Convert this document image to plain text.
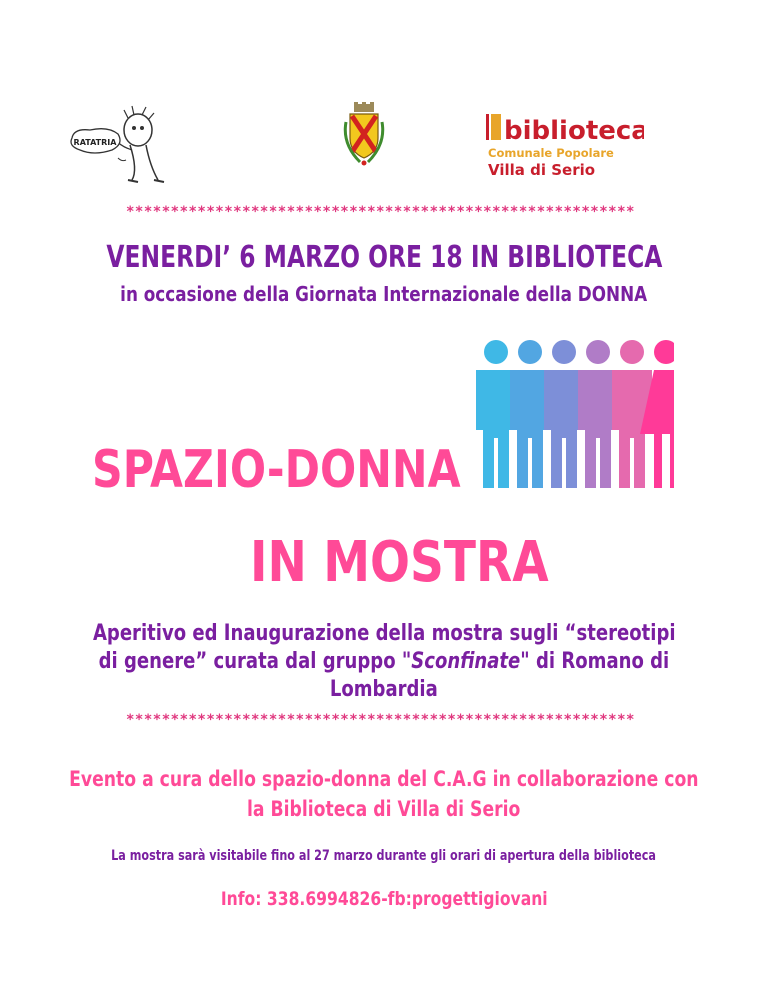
RATATRIA	biblioteca
Comunale Popolare
Villa di Serio
*********************************************************
VENERDI’ 6 MARZO ORE 18 IN BIBLIOTECA
in occasione della Giornata Internazionale della DONNA
SPAZIO-DONNA
IN MOSTRA
Aperitivo ed Inaugurazione della mostra sugli “stereotipi
di genere” curata dal gruppo "Sconfinate" di Romano di
Lombardia
*********************************************************
Evento a cura dello spazio-donna del C.A.G in collaborazione con
la Biblioteca di Villa di Serio
La mostra sarà visitabile fino al 27 marzo durante gli orari di apertura della biblioteca
Info: 338.6994826-fb:progettigiovani
